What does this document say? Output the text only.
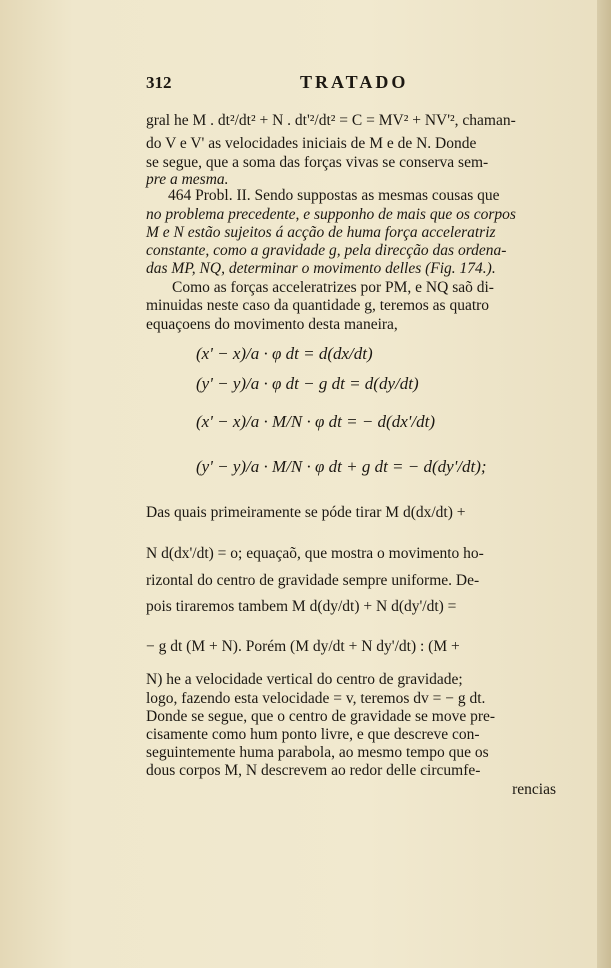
312	TRATADO
gral he M . dt²/dt² + N . dt'²/dt² = C = MV² + NV'², chaman-
do V e V' as velocidades iniciais de M e de N. Donde
se segue, que a soma das forças vivas se conserva sem-
pre a mesma.
464 Probl. II. Sendo suppostas as mesmas cousas que
no problema precedente, e supponho de mais que os corpos
M e N estão sujeitos á acção de huma força acceleratriz
constante, como a gravidade g, pela direcção das ordena-
das MP, NQ, determinar o movimento delles (Fig. 174.).
Como as forças acceleratrizes por PM, e NQ saõ di-
minuidas neste caso da quantidade g, teremos as quatro
equaçoens do movimento desta maneira,
(x' − x)/a · φ dt = d(dx/dt)
(y' − y)/a · φ dt − g dt = d(dy/dt)
(x' − x)/a · M/N · φ dt = − d(dx'/dt)
(y' − y)/a · M/N · φ dt + g dt = − d(dy'/dt);
Das quais primeiramente se póde tirar M d(dx/dt) +
N d(dx'/dt) = o; equaçaõ, que mostra o movimento ho-
rizontal do centro de gravidade sempre uniforme. De-
pois tiraremos tambem M d(dy/dt) + N d(dy'/dt) =
− g dt (M + N). Porém (M dy/dt + N dy'/dt) : (M +
N) he a velocidade vertical do centro de gravidade;
logo, fazendo esta velocidade = v, teremos dv = − g dt.
Donde se segue, que o centro de gravidade se move pre-
cisamente como hum ponto livre, e que descreve con-
seguintemente huma parabola, ao mesmo tempo que os
dous corpos M, N descrevem ao redor delle circumfe-
rencias
